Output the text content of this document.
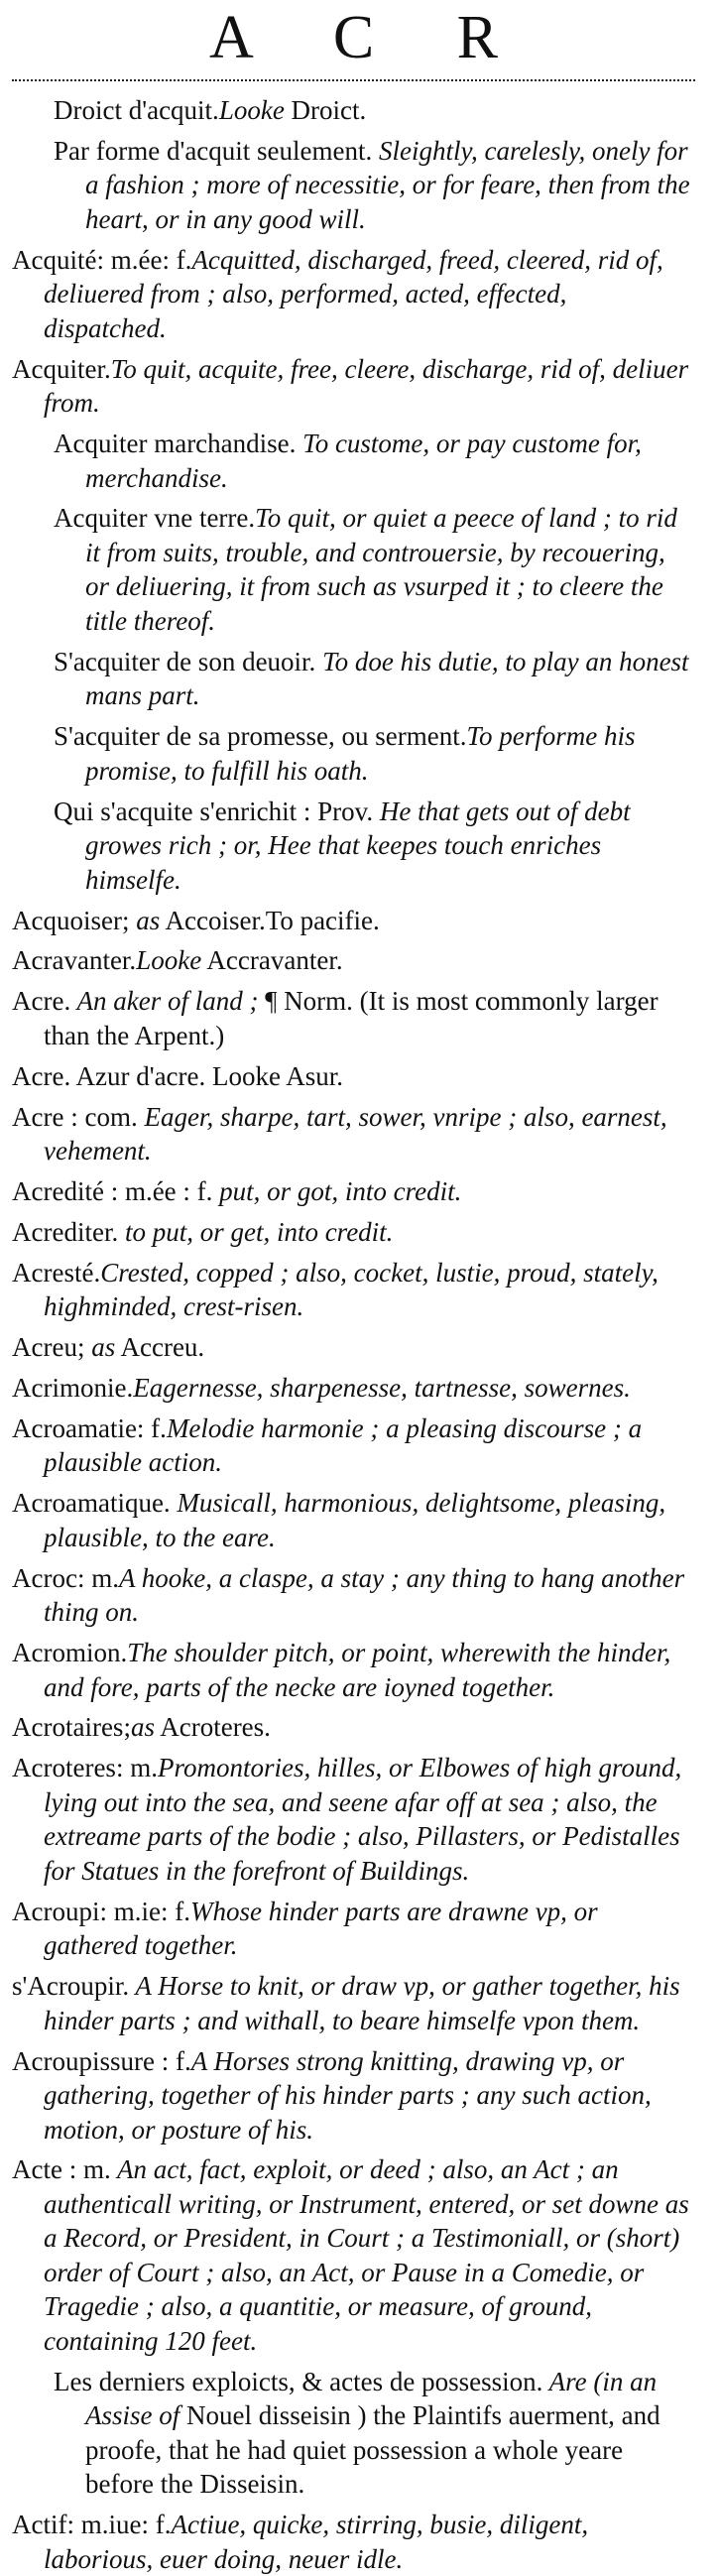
A C R

Droict d'acquit.Looke Droict.

Par forme d'acquit seulement. Sleightly, carelesly, onely for a fashion ; more of necessitie, or for feare, then from the heart, or in any good will.

Acquité: m.ée: f.Acquitted, discharged, freed, cleered, rid of, deliuered from ; also, performed, acted, effected, dispatched.

Acquiter.To quit, acquite, free, cleere, discharge, rid of, deliuer from.

Acquiter marchandise. To custome, or pay custome for, merchandise.

Acquiter vne terre.To quit, or quiet a peece of land ; to rid it from suits, trouble, and controuersie, by recouering, or deliuering, it from such as vsurped it ; to cleere the title thereof.

S'acquiter de son deuoir. To doe his dutie, to play an honest mans part.

S'acquiter de sa promesse, ou serment.To performe his promise, to fulfill his oath.

Qui s'acquite s'enrichit : Prov. He that gets out of debt growes rich ; or, Hee that keepes touch enriches himselfe.

Acquoiser; as Accoiser.To pacifie.

Acravanter.Looke Accravanter.

Acre. An aker of land ; ¶ Norm. (It is most commonly larger than the Arpent.)

Acre. Azur d'acre. Looke Asur.

Acre : com. Eager, sharpe, tart, sower, vnripe ; also, earnest, vehement.

Acredité : m.ée : f. put, or got, into credit.

Acrediter. to put, or get, into credit.

Acresté.Crested, copped ; also, cocket, lustie, proud, stately, highminded, crest-risen.

Acreu; as Accreu.

Acrimonie.Eagernesse, sharpenesse, tartnesse, sowernes.

Acroamatie: f.Melodie harmonie ; a pleasing discourse ; a plausible action.

Acroamatique. Musicall, harmonious, delightsome, pleasing, plausible, to the eare.

Acroc: m.A hooke, a claspe, a stay ; any thing to hang another thing on.

Acromion.The shoulder pitch, or point, wherewith the hinder, and fore, parts of the necke are ioyned together.

Acrotaires;as Acroteres.

Acroteres: m.Promontories, hilles, or Elbowes of high ground, lying out into the sea, and seene afar off at sea ; also, the extreame parts of the bodie ; also, Pillasters, or Pedistalles for Statues in the forefront of Buildings.

Acroupi: m.ie: f.Whose hinder parts are drawne vp, or gathered together.

s'Acroupir. A Horse to knit, or draw vp, or gather together, his hinder parts ; and withall, to beare himselfe vpon them.

Acroupissure : f.A Horses strong knitting, drawing vp, or gathering, together of his hinder parts ; any such action, motion, or posture of his.

Acte : m. An act, fact, exploit, or deed ; also, an Act ; an authenticall writing, or Instrument, entered, or set downe as a Record, or President, in Court ; a Testimoniall, or (short) order of Court ; also, an Act, or Pause in a Comedie, or Tragedie ; also, a quantitie, or measure, of ground, containing 120 feet.

Les derniers exploicts, & actes de possession. Are (in an Assise of Nouel disseisin ) the Plaintifs auerment, and proofe, that he had quiet possession a whole yeare before the Disseisin.

Actif: m.iue: f.Actiue, quicke, stirring, busie, diligent, laborious, euer doing, neuer idle.
